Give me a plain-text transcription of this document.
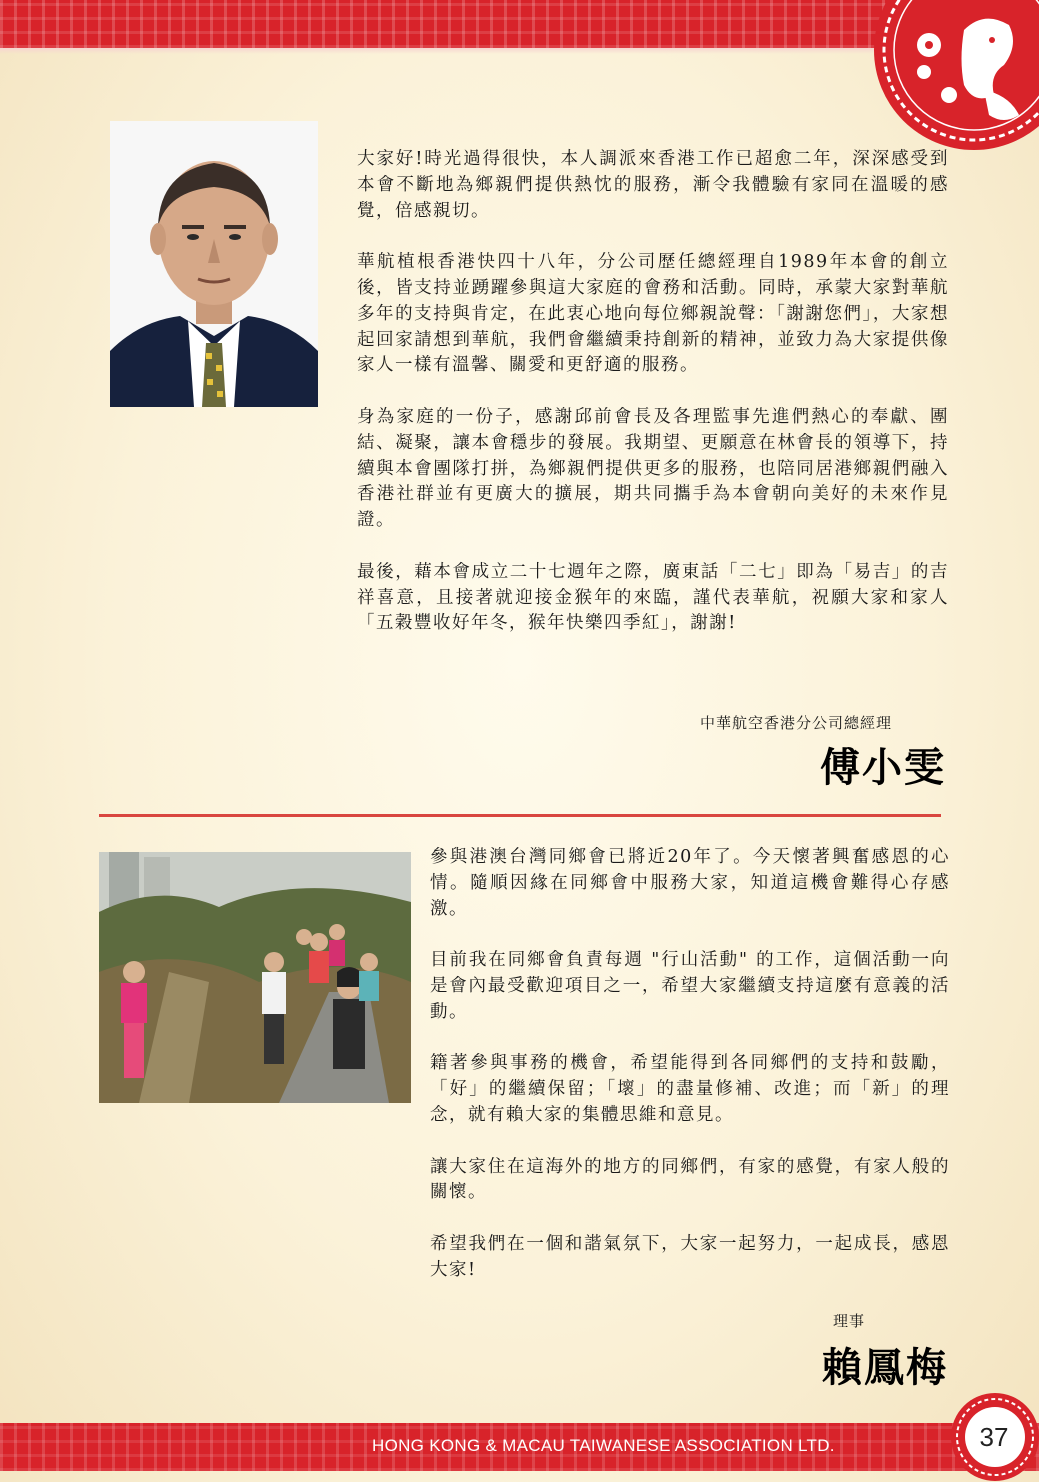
大家好!時光過得很快，本人調派來香港工作已超愈二年，深深感受到本會不斷地為鄉親們提供熱忱的服務，漸令我體驗有家同在溫暖的感覺，倍感親切。

華航植根香港快四十八年，分公司歷任總經理自1989年本會的創立後，皆支持並踴躍參與這大家庭的會務和活動。同時，承蒙大家對華航多年的支持與肯定，在此衷心地向每位鄉親說聲：「謝謝您們」，大家想起回家請想到華航，我們會繼續秉持創新的精神，並致力為大家提供像家人一樣有溫馨、關愛和更舒適的服務。

身為家庭的一份子，感謝邱前會長及各理監事先進們熱心的奉獻、團結、凝聚，讓本會穩步的發展。我期望、更願意在林會長的領導下，持續與本會團隊打拼，為鄉親們提供更多的服務，也陪同居港鄉親們融入香港社群並有更廣大的擴展，期共同攜手為本會朝向美好的未來作見證。

最後，藉本會成立二十七週年之際，廣東話「二七」即為「易吉」的吉祥喜意，且接著就迎接金猴年的來臨，謹代表華航，祝願大家和家人「五穀豐收好年冬，猴年快樂四季紅」，謝謝!

中華航空香港分公司總經理
傅小雯

參與港澳台灣同鄉會已將近20年了。今天懷著興奮感恩的心情。隨順因緣在同鄉會中服務大家，知道這機會難得心存感激。

目前我在同鄉會負責每週 "行山活動" 的工作，這個活動一向是會內最受歡迎項目之一，希望大家繼續支持這麼有意義的活動。

籍著參與事務的機會，希望能得到各同鄉們的支持和鼓勵，「好」的繼續保留；「壞」的盡量修補、改進；而「新」的理念，就有賴大家的集體思維和意見。

讓大家住在這海外的地方的同鄉們，有家的感覺，有家人般的關懷。

希望我們在一個和諧氣氛下，大家一起努力，一起成長，感恩大家!

理事
賴鳳梅
HONG KONG & MACAU TAIWANESE ASSOCIATION LTD.	37
